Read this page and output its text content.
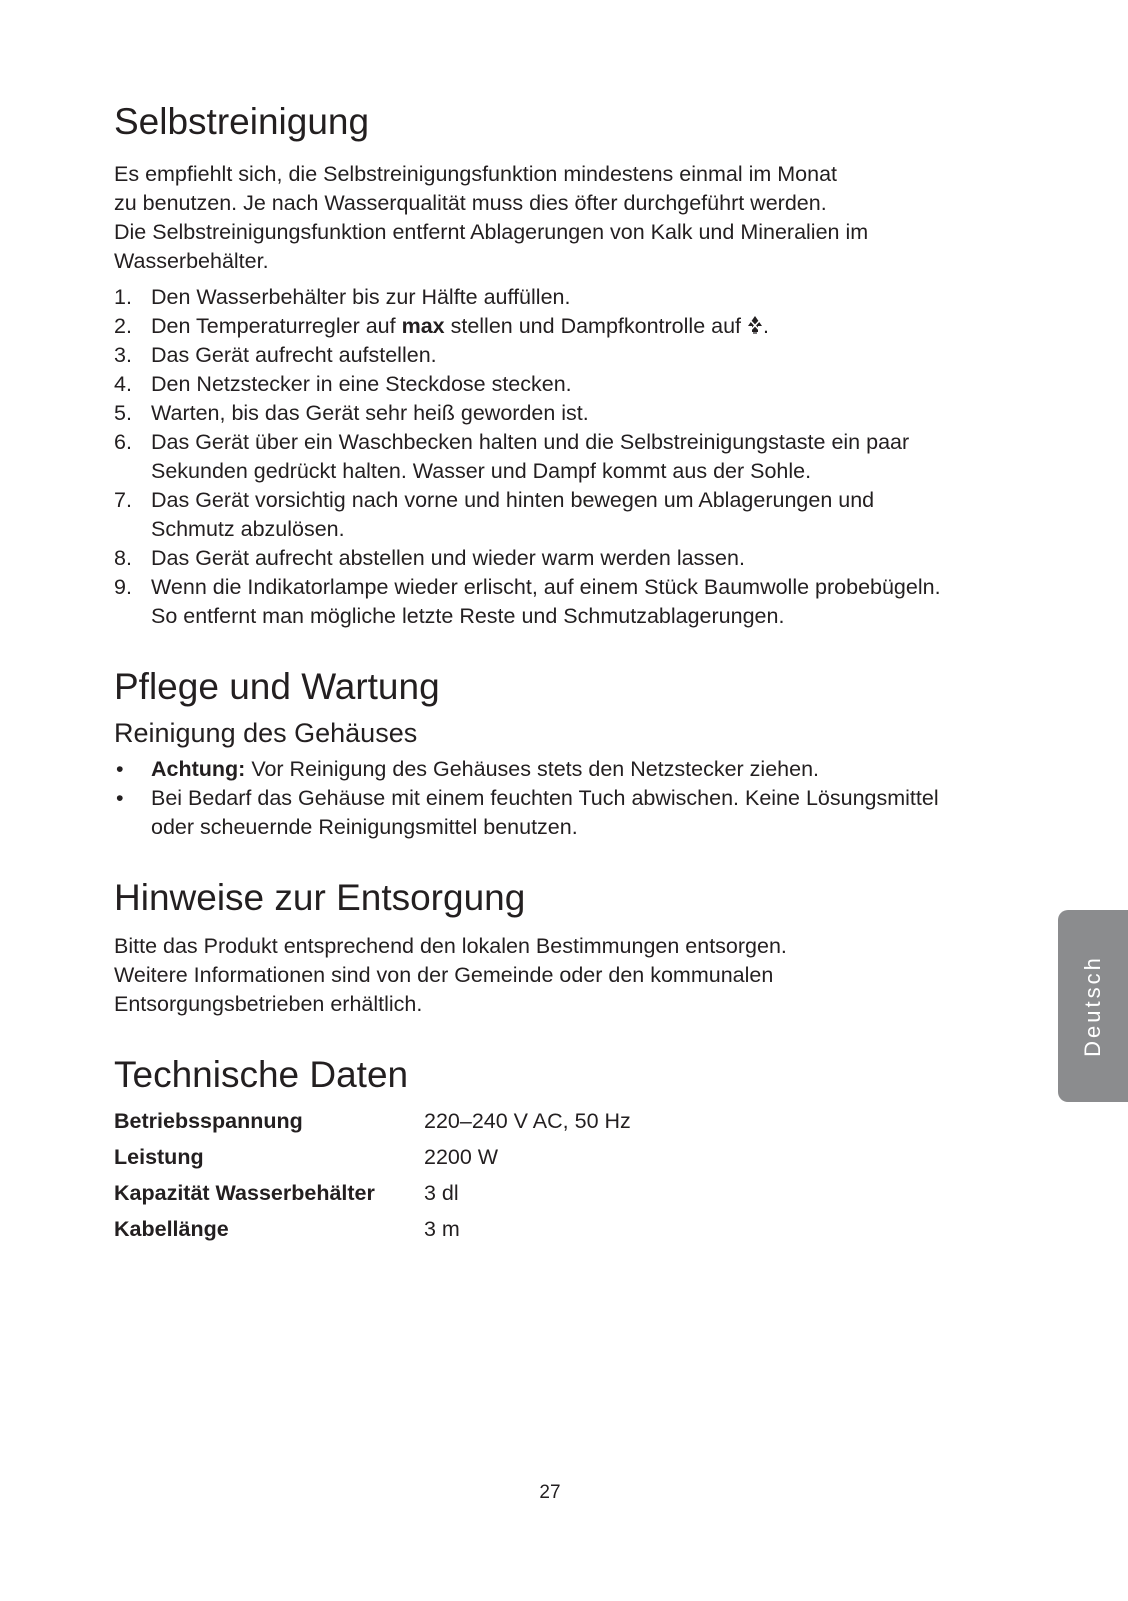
Selbstreinigung

Es empfiehlt sich, die Selbstreinigungsfunktion mindestens einmal im Monat
zu benutzen. Je nach Wasserqualität muss dies öfter durchgeführt werden.
Die Selbstreinigungsfunktion entfernt Ablagerungen von Kalk und Mineralien im
Wasserbehälter.

1. Den Wasserbehälter bis zur Hälfte auffüllen.
2. Den Temperaturregler auf max stellen und Dampfkontrolle auf .
3. Das Gerät aufrecht aufstellen.
4. Den Netzstecker in eine Steckdose stecken.
5. Warten, bis das Gerät sehr heiß geworden ist.
6. Das Gerät über ein Waschbecken halten und die Selbstreinigungstaste ein paar
Sekunden gedrückt halten. Wasser und Dampf kommt aus der Sohle.
7. Das Gerät vorsichtig nach vorne und hinten bewegen um Ablagerungen und
Schmutz abzulösen.
8. Das Gerät aufrecht abstellen und wieder warm werden lassen.
9. Wenn die Indikatorlampe wieder erlischt, auf einem Stück Baumwolle probebügeln.
So entfernt man mögliche letzte Reste und Schmutzablagerungen.
Pflege und Wartung
Reinigung des Gehäuses
• Achtung: Vor Reinigung des Gehäuses stets den Netzstecker ziehen.
• Bei Bedarf das Gehäuse mit einem feuchten Tuch abwischen. Keine Lösungsmittel
oder scheuernde Reinigungsmittel benutzen.
Hinweise zur Entsorgung

Bitte das Produkt entsprechend den lokalen Bestimmungen entsorgen.
Weitere Informationen sind von der Gemeinde oder den kommunalen
Entsorgungsbetrieben erhältlich.

Technische Daten
Betriebsspannung	220–240 V AC, 50 Hz
Leistung	2200 W
Kapazität Wasserbehälter	3 dl
Kabellänge	3 m
Deutsch
27
